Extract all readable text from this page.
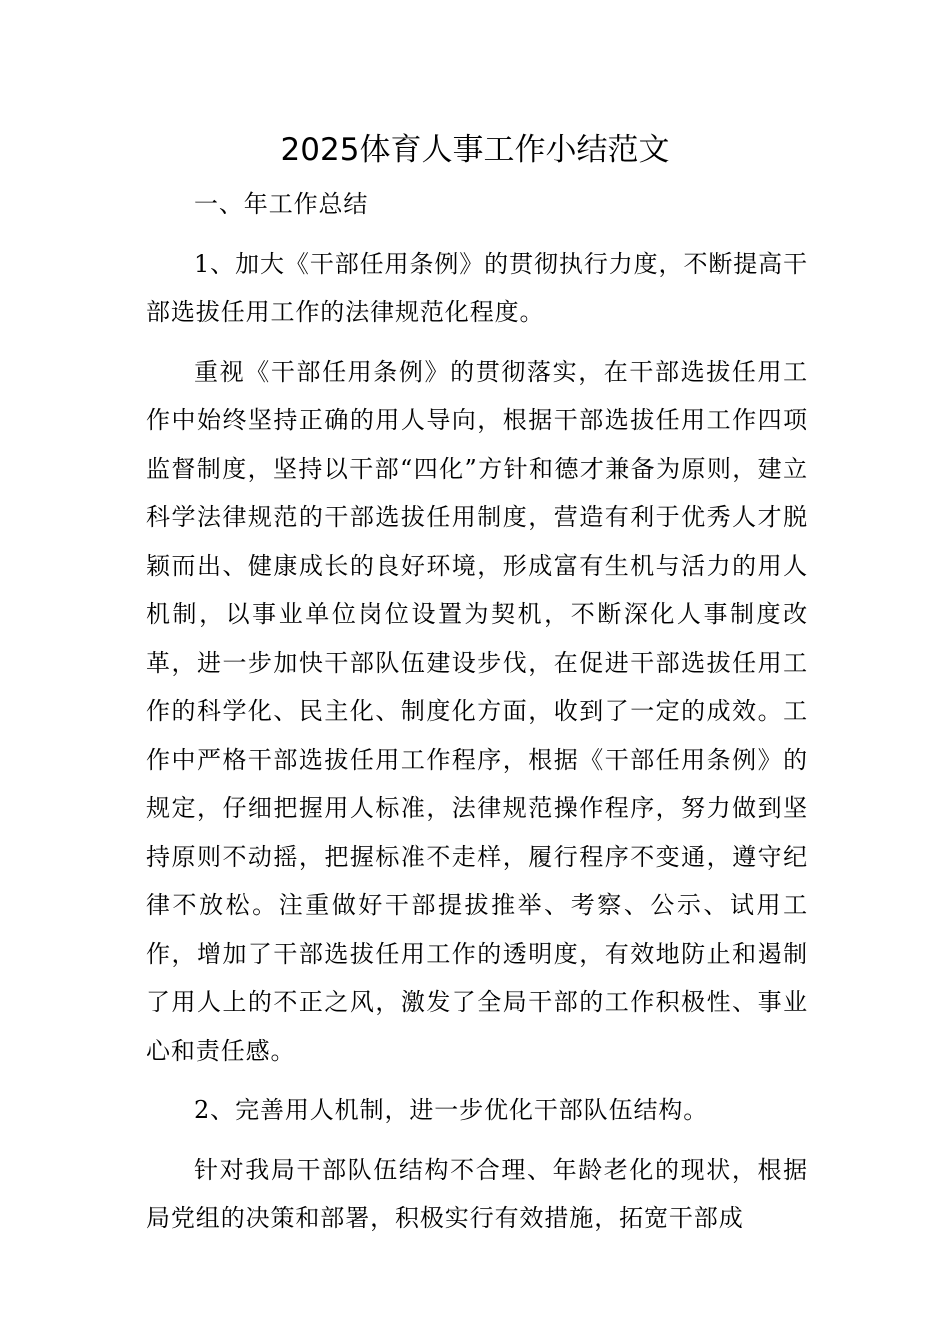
2025体育人事工作小结范文

一、年工作总结

1、加大《干部任用条例》的贯彻执行力度，不断提高干部选拔任用工作的法律规范化程度。

重视《干部任用条例》的贯彻落实，在干部选拔任用工作中始终坚持正确的用人导向，根据干部选拔任用工作四项监督制度，坚持以干部“四化”方针和德才兼备为原则，建立科学法律规范的干部选拔任用制度，营造有利于优秀人才脱颖而出、健康成长的良好环境，形成富有生机与活力的用人机制，以事业单位岗位设置为契机，不断深化人事制度改革，进一步加快干部队伍建设步伐，在促进干部选拔任用工作的科学化、民主化、制度化方面，收到了一定的成效。工作中严格干部选拔任用工作程序，根据《干部任用条例》的规定，仔细把握用人标准，法律规范操作程序，努力做到坚持原则不动摇，把握标准不走样，履行程序不变通，遵守纪律不放松。注重做好干部提拔推举、考察、公示、试用工作，增加了干部选拔任用工作的透明度，有效地防止和遏制了用人上的不正之风，激发了全局干部的工作积极性、事业心和责任感。

2、完善用人机制，进一步优化干部队伍结构。

针对我局干部队伍结构不合理、年龄老化的现状，根据局党组的决策和部署，积极实行有效措施，拓宽干部成
